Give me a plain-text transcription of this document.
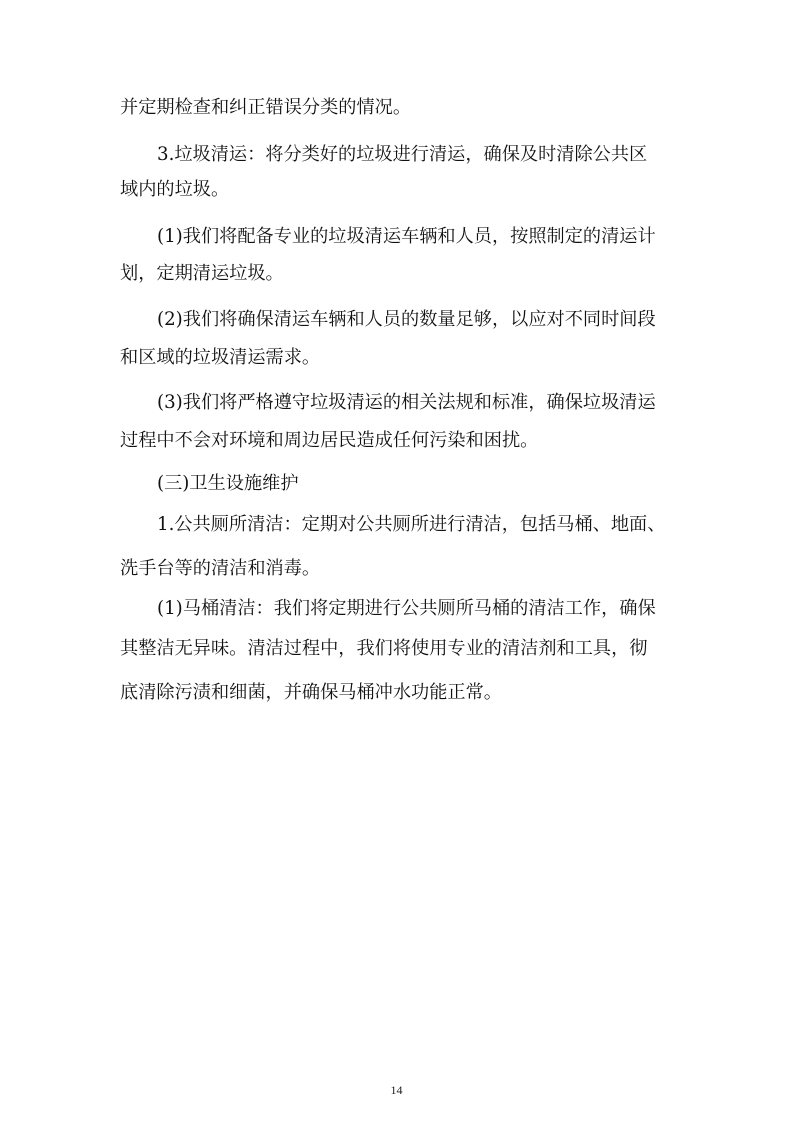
并定期检查和纠正错误分类的情况。
3.垃圾清运：将分类好的垃圾进行清运，确保及时清除公共区
域内的垃圾。
(1)我们将配备专业的垃圾清运车辆和人员，按照制定的清运计
划，定期清运垃圾。
(2)我们将确保清运车辆和人员的数量足够，以应对不同时间段
和区域的垃圾清运需求。
(3)我们将严格遵守垃圾清运的相关法规和标准，确保垃圾清运
过程中不会对环境和周边居民造成任何污染和困扰。
(三)卫生设施维护
1.公共厕所清洁：定期对公共厕所进行清洁，包括马桶、地面、
洗手台等的清洁和消毒。
(1)马桶清洁：我们将定期进行公共厕所马桶的清洁工作，确保
其整洁无异味。清洁过程中，我们将使用专业的清洁剂和工具，彻
底清除污渍和细菌，并确保马桶冲水功能正常。
14
